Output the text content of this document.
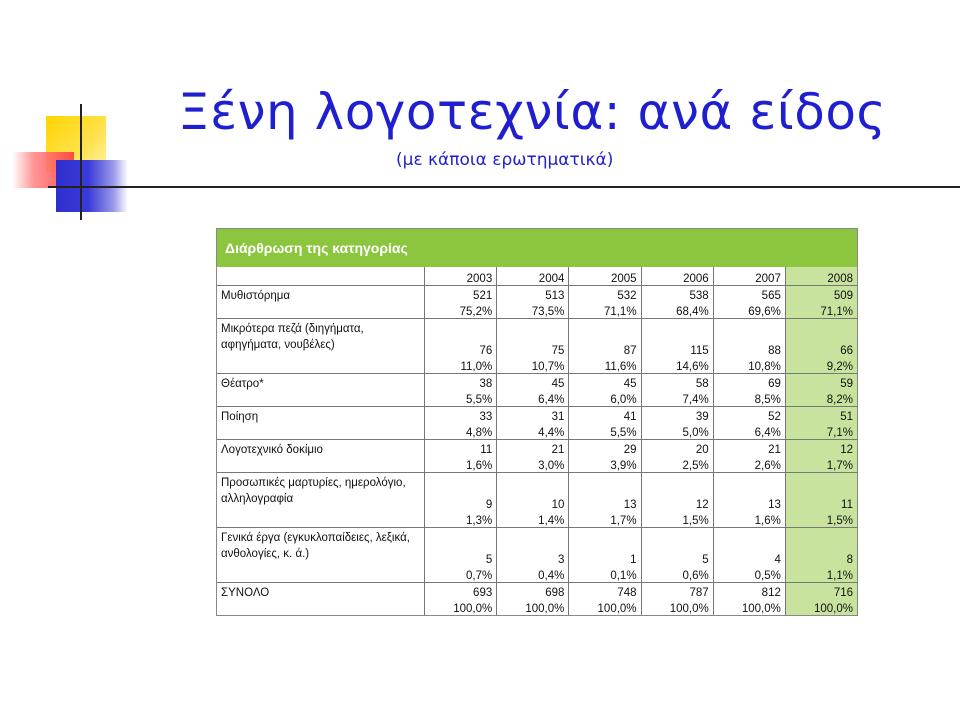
Ξένη λογοτεχνία: ανά είδος
(με κάποια ερωτηματικά)
Διάρθρωση της κατηγορίας
	2003	2004	2005	2006	2007	2008
Μυθιστόρημα	521	513	532	538	565	509
	75,2%	73,5%	71,1%	68,4%	69,6%	71,1%
Μικρότερα πεζά (διηγήματα, αφηγήματα, νουβέλες)	76	75	87	115	88	66
	11,0%	10,7%	11,6%	14,6%	10,8%	9,2%
Θέατρο*	38	45	45	58	69	59
	5,5%	6,4%	6,0%	7,4%	8,5%	8,2%
Ποίηση	33	31	41	39	52	51
	4,8%	4,4%	5,5%	5,0%	6,4%	7,1%
Λογοτεχνικό δοκίμιο	11	21	29	20	21	12
	1,6%	3,0%	3,9%	2,5%	2,6%	1,7%
Προσωπικές μαρτυρίες, ημερολόγιο, αλληλογραφία	9	10	13	12	13	11
	1,3%	1,4%	1,7%	1,5%	1,6%	1,5%
Γενικά έργα (εγκυκλοπαίδειες, λεξικά, ανθολογίες, κ. ά.)	5	3	1	5	4	8
	0,7%	0,4%	0,1%	0,6%	0,5%	1,1%
ΣΥΝΟΛΟ	693	698	748	787	812	716
	100,0%	100,0%	100,0%	100,0%	100,0%	100,0%
